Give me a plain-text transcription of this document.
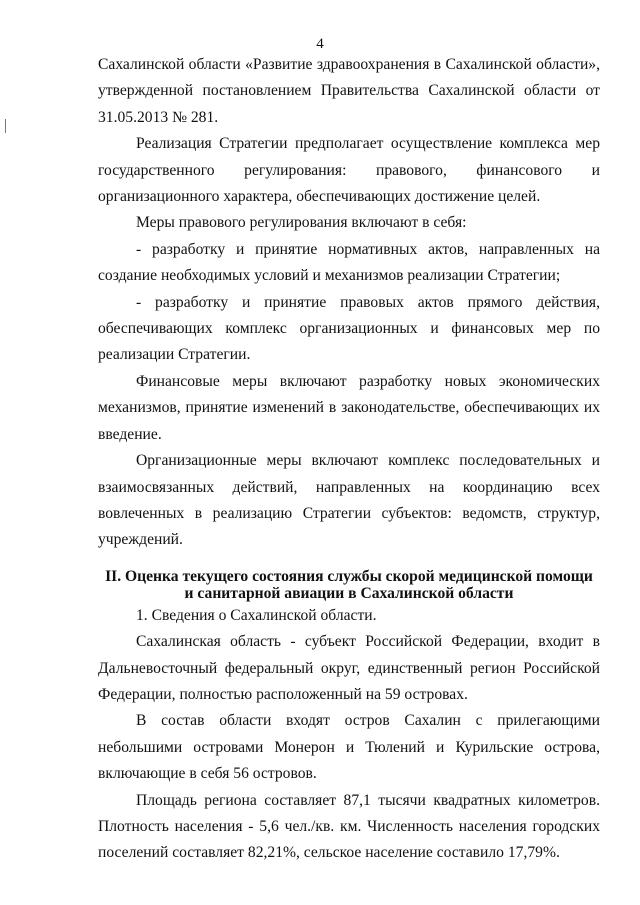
4

Сахалинской области «Развитие здравоохранения в Сахалинской области», утвержденной постановлением Правительства Сахалинской области от 31.05.2013 № 281.

Реализация Стратегии предполагает осуществление комплекса мер государственного регулирования: правового, финансового и организационного характера, обеспечивающих достижение целей.

Меры правового регулирования включают в себя:

- разработку и принятие нормативных актов, направленных на создание необходимых условий и механизмов реализации Стратегии;

- разработку и принятие правовых актов прямого действия, обеспечивающих комплекс организационных и финансовых мер по реализации Стратегии.

Финансовые меры включают разработку новых экономических механизмов, принятие изменений в законодательстве, обеспечивающих их введение.

Организационные меры включают комплекс последовательных и взаимосвязанных действий, направленных на координацию всех вовлеченных в реализацию Стратегии субъектов: ведомств, структур, учреждений.

II. Оценка текущего состояния службы скорой медицинской помощи
и санитарной авиации в Сахалинской области

1. Сведения о Сахалинской области.

Сахалинская область - субъект Российской Федерации, входит в Дальневосточный федеральный округ, единственный регион Российской Федерации, полностью расположенный на 59 островах.

В состав области входят остров Сахалин с прилегающими небольшими островами Монерон и Тюлений и Курильские острова, включающие в себя 56 островов.

Площадь региона составляет 87,1 тысячи квадратных километров. Плотность населения - 5,6 чел./кв. км. Численность населения городских поселений составляет 82,21%, сельское население составило 17,79%.
